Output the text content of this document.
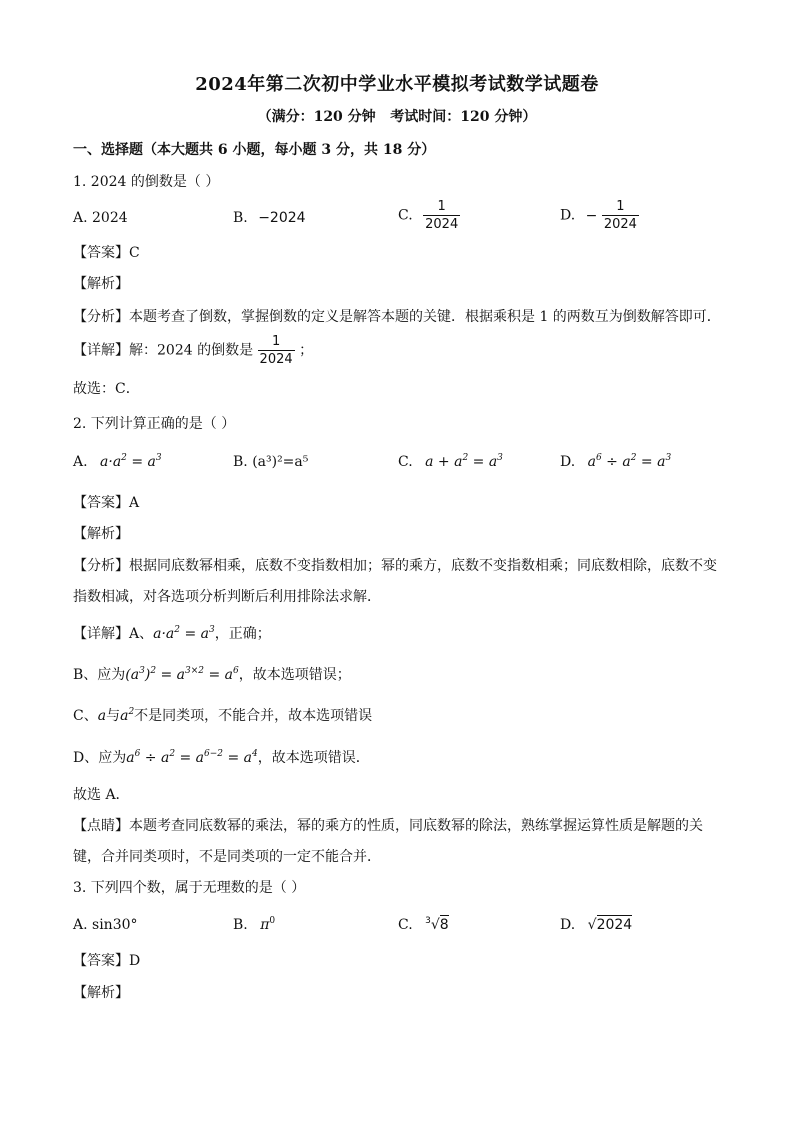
2024年第二次初中学业水平模拟考试数学试题卷
（满分：120 分钟   考试时间：120 分钟）
一、选择题（本大题共 6 小题，每小题 3 分，共 18 分）
1. 2024 的倒数是（ ）
A. 2024	B. −2024	C. $\frac{1}{2024}$	D. − $\frac{1}{2024}$
【答案】C
【解析】
【分析】本题考查了倒数，掌握倒数的定义是解答本题的关键．根据乘积是 1 的两数互为倒数解答即可．
【详解】解：2024 的倒数是 $\frac{1}{2024}$ ；
故选：C．
2. 下列计算正确的是（ ）
A. $a\cdot a^2 = a^3$	B. (a³)²=a⁵	C. $a + a^2 = a^3$	D. $a^6 \div a^2 = a^3$
【答案】A
【解析】
【分析】根据同底数幂相乘，底数不变指数相加；幂的乘方，底数不变指数相乘；同底数相除，底数不变
指数相减，对各选项分析判断后利用排除法求解．
【详解】A、$a\cdot a^2 = a^3$，正确；
B、应为$(a^3)^2 = a^{3\times 2} = a^6$，故本选项错误；
C、a与$a^2$不是同类项，不能合并，故本选项错误
D、应为$a^6 \div a^2 = a^{6-2} = a^4$，故本选项错误．
故选 A．
【点睛】本题考查同底数幂的乘法，幂的乘方的性质，同底数幂的除法，熟练掌握运算性质是解题的关
键，合并同类项时，不是同类项的一定不能合并．
3. 下列四个数，属于无理数的是（ ）
A. sin30°	B. $\pi^0$	C. $^3$√8	D. √2024
【答案】D
【解析】
